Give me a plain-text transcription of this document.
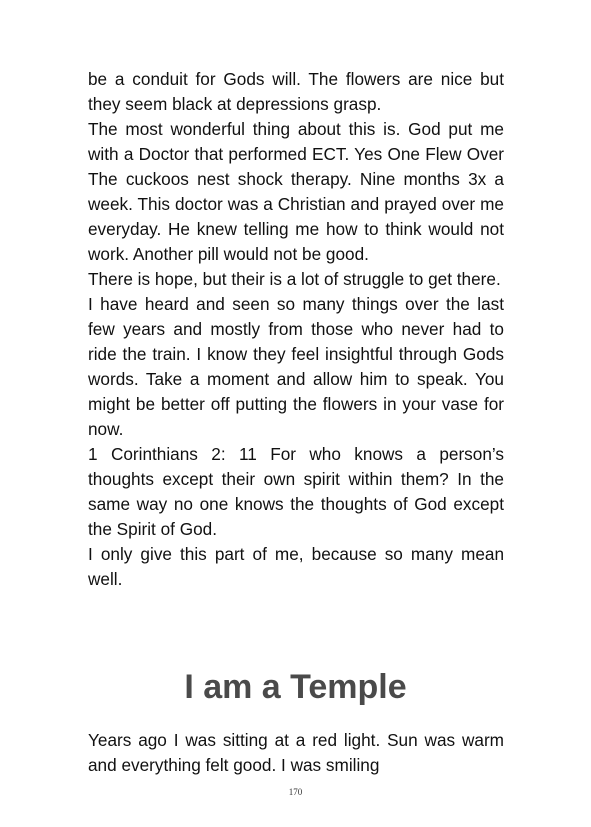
be a conduit for Gods will. The flowers are nice but they seem black at depressions grasp.

The most wonderful thing about this is. God put me with a Doctor that performed ECT. Yes One Flew Over The cuckoos nest shock therapy. Nine months 3x a week. This doctor was a Christian and prayed over me everyday. He knew telling me how to think would not work. Another pill would not be good.

There is hope, but their is a lot of struggle to get there.

I have heard and seen so many things over the last few years and mostly from those who never had to ride the train. I know they feel insightful through Gods words. Take a moment and allow him to speak. You might be better off putting the flowers in your vase for now.

1 Corinthians 2: 11 For who knows a person’s thoughts except their own spirit within them? In the same way no one knows the thoughts of God except the Spirit of God.

I only give this part of me, because so many mean well.

I am a Temple

Years ago I was sitting at a red light. Sun was warm and everything felt good. I was smiling

170
